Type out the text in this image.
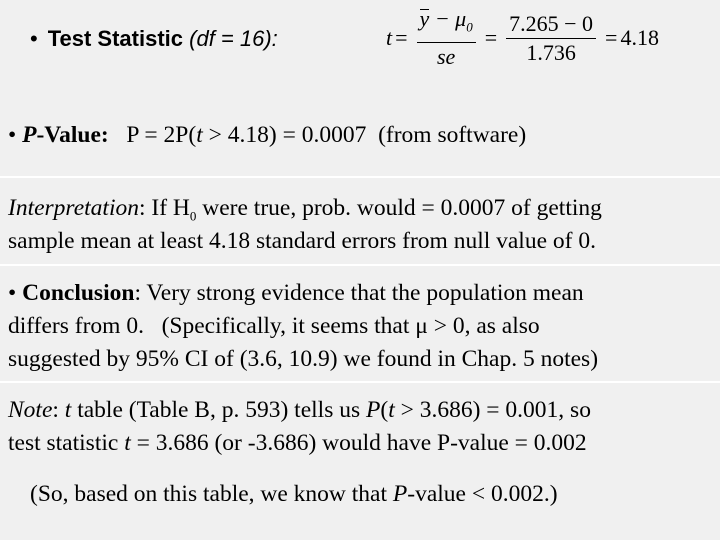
• Test Statistic (df = 16):	$t = \frac{y - \mu_0}{se} = \frac{7.265 - 0}{1.736} = 4.18$
• P-Value: P = 2P(t > 4.18) = 0.0007  (from software)
Interpretation: If $H_0$ were true, prob. would = 0.0007 of getting
sample mean at least 4.18 standard errors from null value of 0.
• Conclusion: Very strong evidence that the population mean
differs from 0.   (Specifically, it seems that μ > 0, as also
suggested by 95% CI of (3.6, 10.9) we found in Chap. 5 notes)
Note: t table (Table B, p. 593) tells us P(t > 3.686) = 0.001, so
test statistic t = 3.686 (or -3.686) would have P-value = 0.002
(So, based on this table, we know that P-value < 0.002.)
